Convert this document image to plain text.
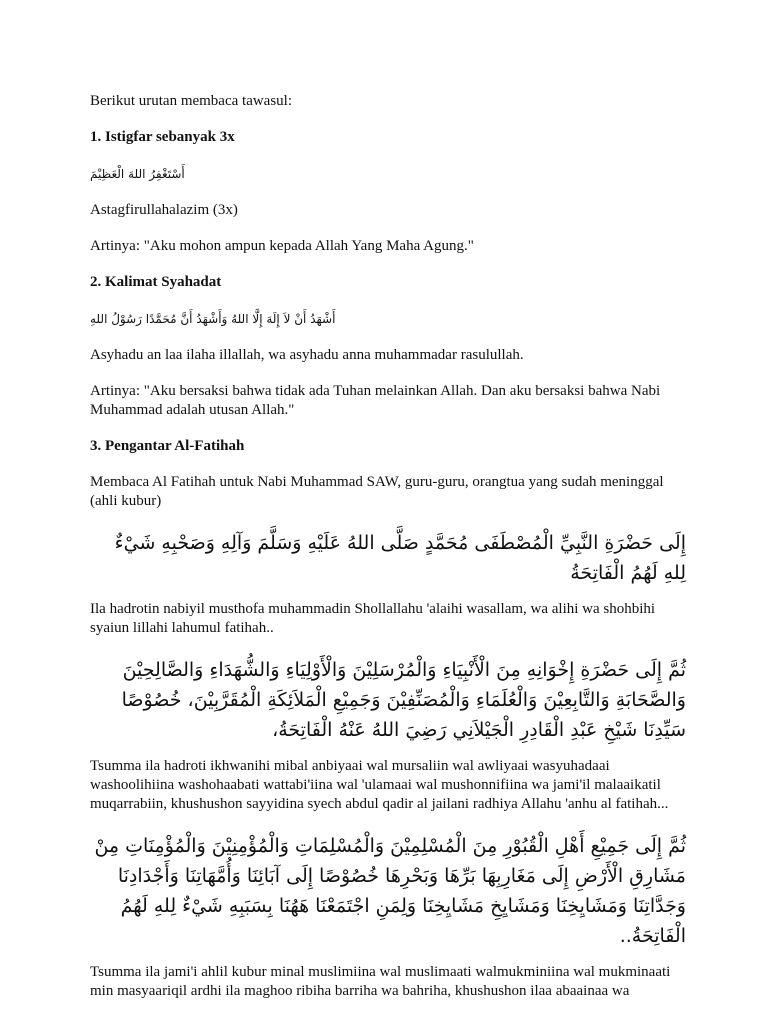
Berikut urutan membaca tawasul:

1. Istigfar sebanyak 3x

أَسْتَغْفِرُ اللهَ الْعَظِيْمَ

Astagfirullahalazim (3x)

Artinya: "Aku mohon ampun kepada Allah Yang Maha Agung."

2. Kalimat Syahadat

أَشْهَدُ أَنْ لاَ إِلَهَ إِلَّا اللهُ وَأَشْهَدُ أَنَّ مُحَمَّدًا رَسُوْلُ اللهِ

Asyhadu an laa ilaha illallah, wa asyhadu anna muhammadar rasulullah.

Artinya: "Aku bersaksi bahwa tidak ada Tuhan melainkan Allah. Dan aku bersaksi bahwa Nabi Muhammad adalah utusan Allah."

3. Pengantar Al-Fatihah

Membaca Al Fatihah untuk Nabi Muhammad SAW, guru-guru, orangtua yang sudah meninggal (ahli kubur)

إِلَى حَضْرَةِ النَّبِيِّ الْمُصْطَفَى مُحَمَّدٍ صَلَّى اللهُ عَلَيْهِ وَسَلَّمَ وَآلِهِ وَصَحْبِهِ شَيْءٌ لِلهِ لَهُمُ الْفَاتِحَةُ

Ila hadrotin nabiyil musthofa muhammadin Shollallahu 'alaihi wasallam, wa alihi wa shohbihi syaiun lillahi lahumul fatihah..

ثُمَّ إِلَى حَضْرَةِ إِخْوَانِهِ مِنَ الْأَنْبِيَاءِ وَالْمُرْسَلِيْنَ وَالْأَوْلِيَاءِ وَالشُّهَدَاءِ وَالصَّالِحِيْنَ وَالصَّحَابَةِ وَالتَّابِعِيْنَ وَالْعُلَمَاءِ وَالْمُصَنِّفِيْنَ وَجَمِيْعِ الْمَلاَئِكَةِ الْمُقَرَّبِيْنَ، خُصُوْصًا سَيِّدِنَا شَيْخِ عَبْدِ الْقَادِرِ الْجَيْلاَنِي رَضِيَ اللهُ عَنْهُ الْفَاتِحَةُ،

Tsumma ila hadroti ikhwanihi mibal anbiyaai wal mursaliin wal awliyaai wasyuhadaai washoolihiina washohaabati wattabi'iina wal 'ulamaai wal mushonnifiina wa jami'il malaaikatil muqarrabiin, khushushon sayyidina syech abdul qadir al jailani radhiya Allahu 'anhu al fatihah...

ثُمَّ إِلَى جَمِيْعِ أَهْلِ الْقُبُوْرِ مِنَ الْمُسْلِمِيْنَ وَالْمُسْلِمَاتِ وَالْمُؤْمِنِيْنَ وَالْمُؤْمِنَاتِ مِنْ مَشَارِقِ الْأَرْضِ إِلَى مَغَارِبِهَا بَرِّهَا وَبَحْرِهَا خُصُوْصًا إِلَى آبَائِنَا وَأُمَّهَاتِنَا وَأَجْدَادِنَا وَجَدَّاتِنَا وَمَشَايِخِنَا وَمَشَايِخِ مَشَايِخِنَا وَلِمَنِ اجْتَمَعْنَا هَهُنَا بِسَبَبِهِ شَيْءٌ لِلهِ لَهُمُ الْفَاتِحَةُ..

Tsumma ila jami'i ahlil kubur minal muslimiina wal muslimaati walmukminiina wal mukminaati min masyaariqil ardhi ila maghoo ribiha barriha wa bahriha, khushushon ilaa abaainaa wa
